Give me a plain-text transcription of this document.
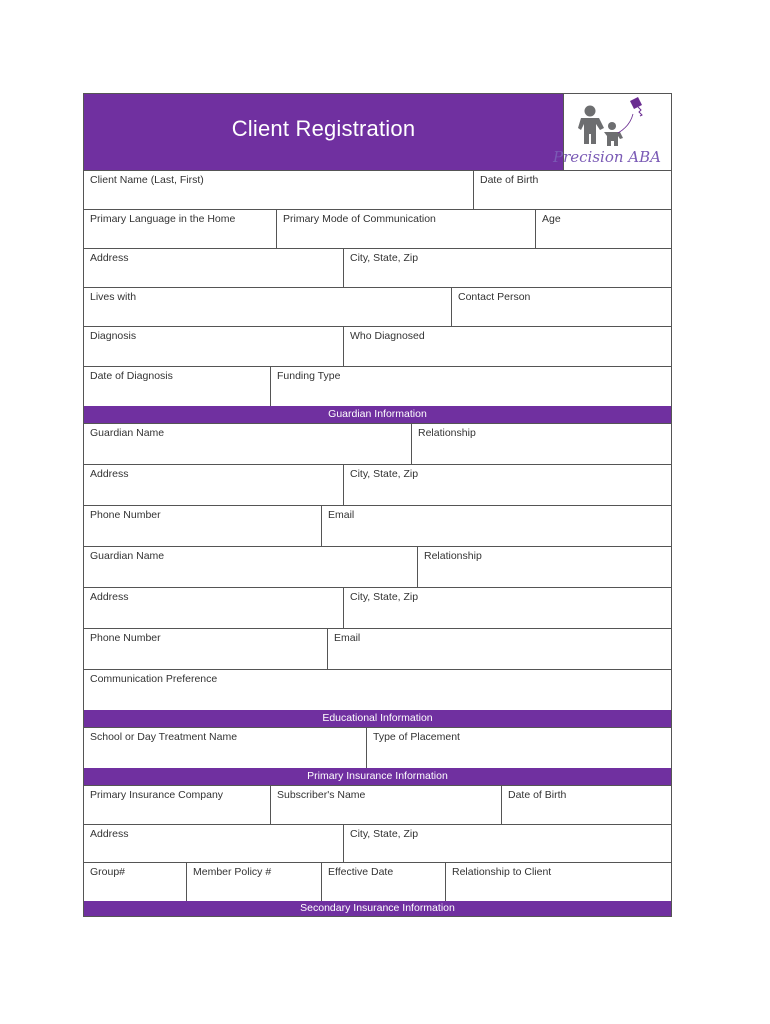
Client Registration
Precision ABA
Client Name (Last, First)	Date of Birth
Primary Language in the Home	Primary Mode of Communication	Age
Address	City, State, Zip
Lives with	Contact Person
Diagnosis	Who Diagnosed
Date of Diagnosis	Funding Type
Guardian Information
Guardian Name	Relationship
Address	City, State, Zip
Phone Number	Email
Guardian Name	Relationship
Address	City, State, Zip
Phone Number	Email
Communication Preference
Educational Information
School or Day Treatment Name	Type of Placement
Primary Insurance Information
Primary Insurance Company	Subscriber's Name	Date of Birth
Address	City, State, Zip
Group#	Member Policy #	Effective Date	Relationship to Client
Secondary Insurance Information
